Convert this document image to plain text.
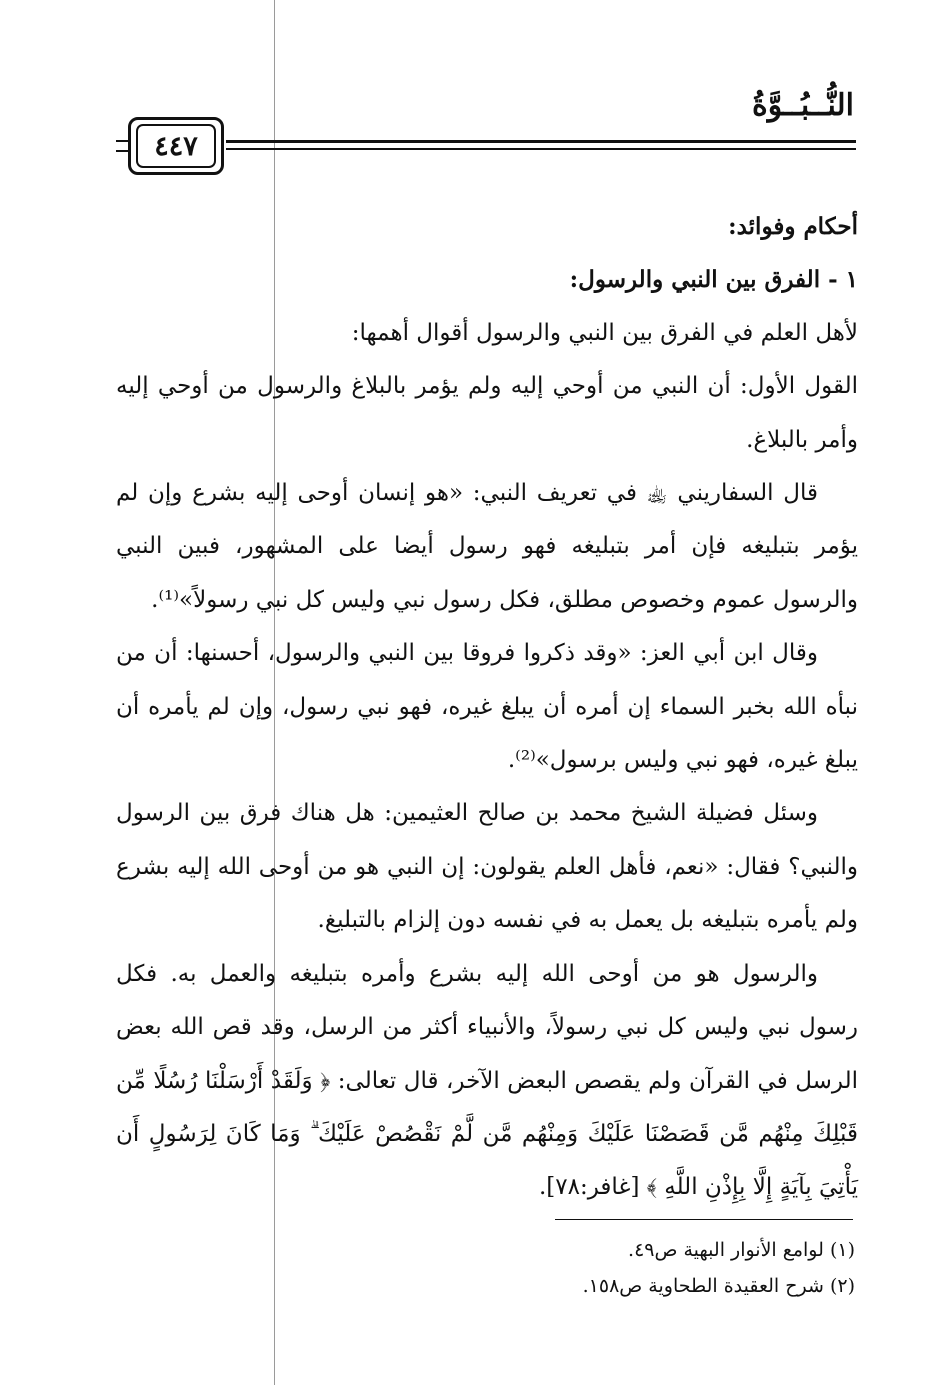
النُّــبُــوَّةُ
٤٤٧

أحكام وفوائد:

١ - الفرق بين النبي والرسول:

لأهل العلم في الفرق بين النبي والرسول أقوال أهمها:

القول الأول: أن النبي من أوحي إليه ولم يؤمر بالبلاغ والرسول من أوحي إليه وأمر بالبلاغ.

قال السفاريني ﵀ في تعريف النبي: «هو إنسان أوحى إليه بشرع وإن لم يؤمر بتبليغه فإن أمر بتبليغه فهو رسول أيضا على المشهور، فبين النبي والرسول عموم وخصوص مطلق، فكل رسول نبي وليس كل نبي رسولاً»⁽¹⁾.

وقال ابن أبي العز: «وقد ذكروا فروقا بين النبي والرسول، أحسنها: أن من نبأه الله بخبر السماء إن أمره أن يبلغ غيره، فهو نبي رسول، وإن لم يأمره أن يبلغ غيره، فهو نبي وليس برسول»⁽²⁾.

وسئل فضيلة الشيخ محمد بن صالح العثيمين: هل هناك فرق بين الرسول والنبي؟ فقال: «نعم، فأهل العلم يقولون: إن النبي هو من أوحى الله إليه بشرع ولم يأمره بتبليغه بل يعمل به في نفسه دون إلزام بالتبليغ.

والرسول هو من أوحى الله إليه بشرع وأمره بتبليغه والعمل به. فكل رسول نبي وليس كل نبي رسولاً، والأنبياء أكثر من الرسل، وقد قص الله بعض الرسل في القرآن ولم يقصص البعض الآخر، قال تعالى: ﴿ وَلَقَدْ أَرْسَلْنَا رُسُلًا مِّن قَبْلِكَ مِنْهُم مَّن قَصَصْنَا عَلَيْكَ وَمِنْهُم مَّن لَّمْ نَقْصُصْ عَلَيْكَ ۗ وَمَا كَانَ لِرَسُولٍ أَن يَأْتِيَ بِآيَةٍ إِلَّا بِإِذْنِ اللَّهِ ﴾ [غافر:٧٨].

(١) لوامع الأنوار البهية ص٤٩.

(٢) شرح العقيدة الطحاوية ص١٥٨.
